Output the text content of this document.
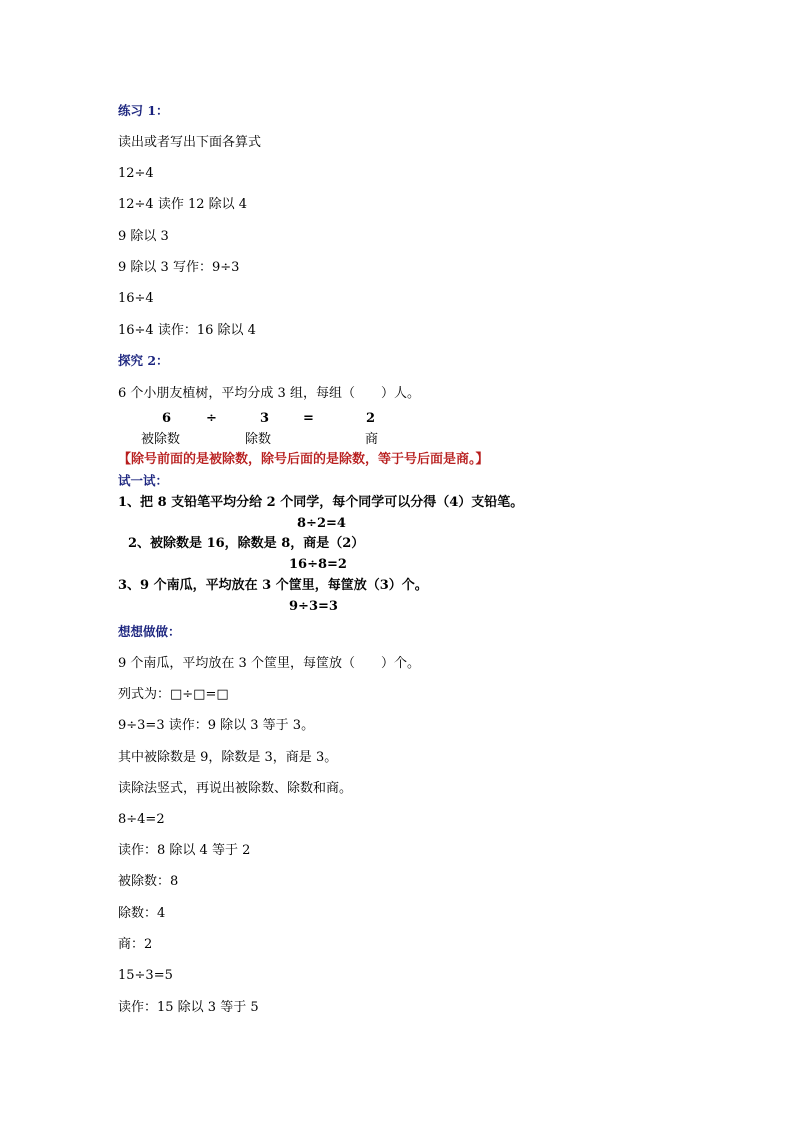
练习 1：
读出或者写出下面各算式
12÷4
12÷4 读作 12 除以 4
9 除以 3
9 除以 3 写作：9÷3
16÷4
16÷4 读作：16 除以 4
探究 2：
6 个小朋友植树，平均分成 3 组，每组（　　）人。
6	÷	3	=	2
被除数	除数	商
【除号前面的是被除数，除号后面的是除数，等于号后面是商。】
试一试：
1、把 8 支铅笔平均分给 2 个同学，每个同学可以分得（4）支铅笔。
8÷2=4
2、被除数是 16，除数是 8，商是（2）
16÷8=2
3、9 个南瓜，平均放在 3 个筐里，每筐放（3）个。
9÷3=3
想想做做：
9 个南瓜，平均放在 3 个筐里，每筐放（　　）个。
列式为：□÷□=□
9÷3=3 读作：9 除以 3 等于 3。
其中被除数是 9，除数是 3，商是 3。
读除法竖式，再说出被除数、除数和商。
8÷4=2
读作：8 除以 4 等于 2
被除数：8
除数：4
商：2
15÷3=5
读作：15 除以 3 等于 5
